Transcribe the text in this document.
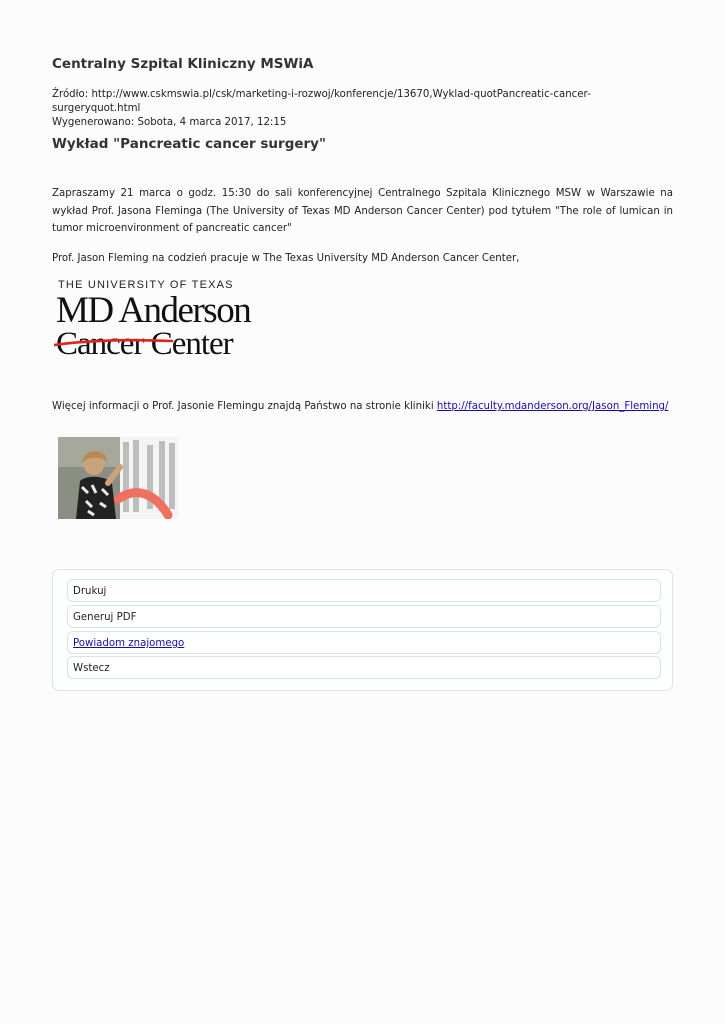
Centralny Szpital Kliniczny MSWiA
Źródło: http://www.cskmswia.pl/csk/marketing-i-rozwoj/konferencje/13670,Wyklad-quotPancreatic-cancer-surgeryquot.html
Wygenerowano: Sobota, 4 marca 2017, 12:15
Wykład "Pancreatic cancer surgery"

Zapraszamy 21 marca o godz. 15:30 do sali konferencyjnej Centralnego Szpitala Klinicznego MSW w Warszawie na wykład Prof. Jasona Fleminga (The University of Texas MD Anderson Cancer Center) pod tytułem "The role of lumican in tumor microenvironment of pancreatic cancer"

Prof. Jason Fleming na codzień pracuje w The Texas University MD Anderson Cancer Center,

THE UNIVERSITY OF TEXAS
MD Anderson
Cancer Center

Więcej informacji o Prof. Jasonie Flemingu znajdą Państwo na stronie kliniki http://faculty.mdanderson.org/Jason_Fleming/

Drukuj
Generuj PDF
Powiadom znajomego
Wstecz
